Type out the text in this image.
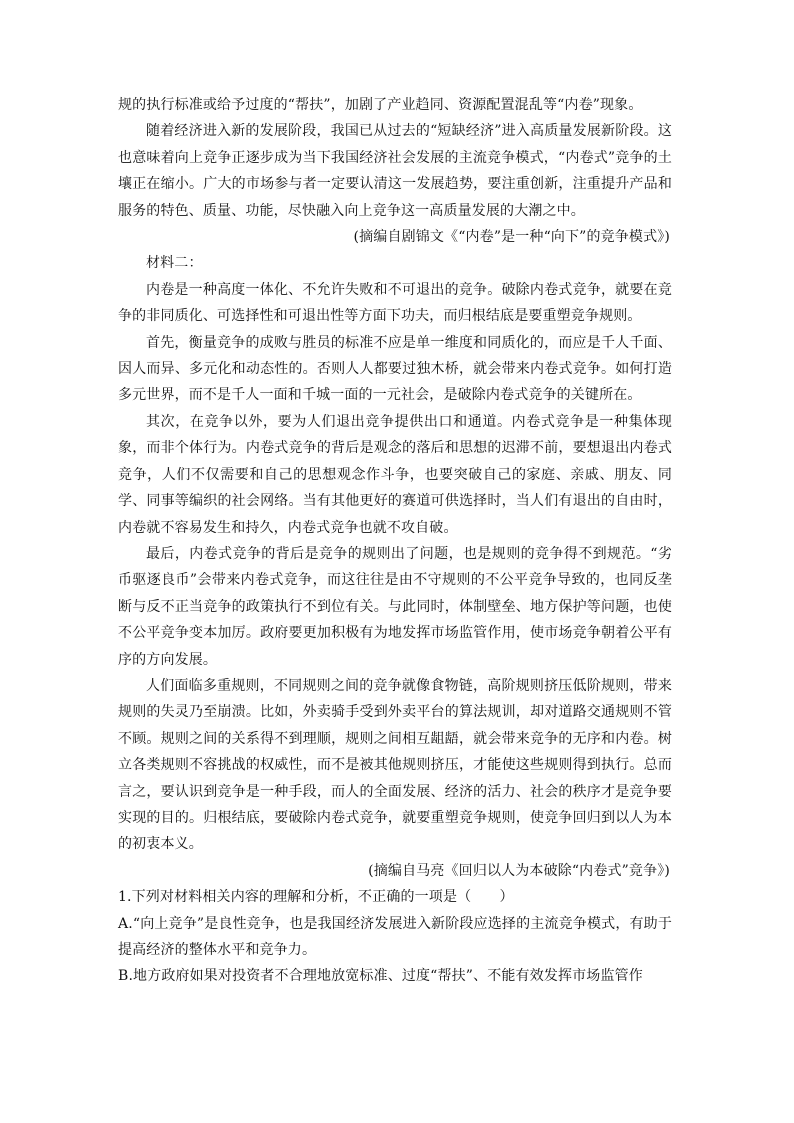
规的执行标准或给予过度的“帮扶”，加剧了产业趋同、资源配置混乱等“内卷”现象。

随着经济进入新的发展阶段，我国已从过去的“短缺经济”进入高质量发展新阶段。这也意味着向上竞争正逐步成为当下我国经济社会发展的主流竞争模式，“内卷式”竞争的土壤正在缩小。广大的市场参与者一定要认清这一发展趋势，要注重创新，注重提升产品和服务的特色、质量、功能，尽快融入向上竞争这一高质量发展的大潮之中。

(摘编自剧锦文《“内卷”是一种“向下”的竞争模式》)

材料二：

内卷是一种高度一体化、不允许失败和不可退出的竞争。破除内卷式竞争，就要在竞争的非同质化、可选择性和可退出性等方面下功夫，而归根结底是要重塑竞争规则。

首先，衡量竞争的成败与胜员的标准不应是单一维度和同质化的，而应是千人千面、因人而异、多元化和动态性的。否则人人都要过独木桥，就会带来内卷式竞争。如何打造多元世界，而不是千人一面和千城一面的一元社会，是破除内卷式竞争的关键所在。

其次，在竞争以外，要为人们退出竞争提供出口和通道。内卷式竞争是一种集体现象，而非个体行为。内卷式竞争的背后是观念的落后和思想的迟滞不前，要想退出内卷式竞争，人们不仅需要和自己的思想观念作斗争，也要突破自己的家庭、亲戚、朋友、同学、同事等编织的社会网络。当有其他更好的赛道可供选择时，当人们有退出的自由时，内卷就不容易发生和持久，内卷式竞争也就不攻自破。

最后，内卷式竞争的背后是竞争的规则出了问题，也是规则的竞争得不到规范。“劣币驱逐良币”会带来内卷式竞争，而这往往是由不守规则的不公平竞争导致的，也同反垄断与反不正当竞争的政策执行不到位有关。与此同时，体制壁垒、地方保护等问题，也使不公平竞争变本加厉。政府要更加积极有为地发挥市场监管作用，使市场竞争朝着公平有序的方向发展。

人们面临多重规则，不同规则之间的竞争就像食物链，高阶规则挤压低阶规则，带来规则的失灵乃至崩溃。比如，外卖骑手受到外卖平台的算法规训，却对道路交通规则不管不顾。规则之间的关系得不到理顺，规则之间相互龃龉，就会带来竞争的无序和内卷。树立各类规则不容挑战的权威性，而不是被其他规则挤压，才能使这些规则得到执行。总而言之，要认识到竞争是一种手段，而人的全面发展、经济的活力、社会的秩序才是竞争要实现的目的。归根结底，要破除内卷式竞争，就要重塑竞争规则，使竞争回归到以人为本的初衷本义。

(摘编自马亮《回归以人为本破除“内卷式”竞争》)

1.下列对材料相关内容的理解和分析，不正确的一项是（　　）

A.“向上竞争”是良性竞争，也是我国经济发展进入新阶段应选择的主流竞争模式，有助于提高经济的整体水平和竞争力。

B.地方政府如果对投资者不合理地放宽标准、过度“帮扶”、不能有效发挥市场监管作
